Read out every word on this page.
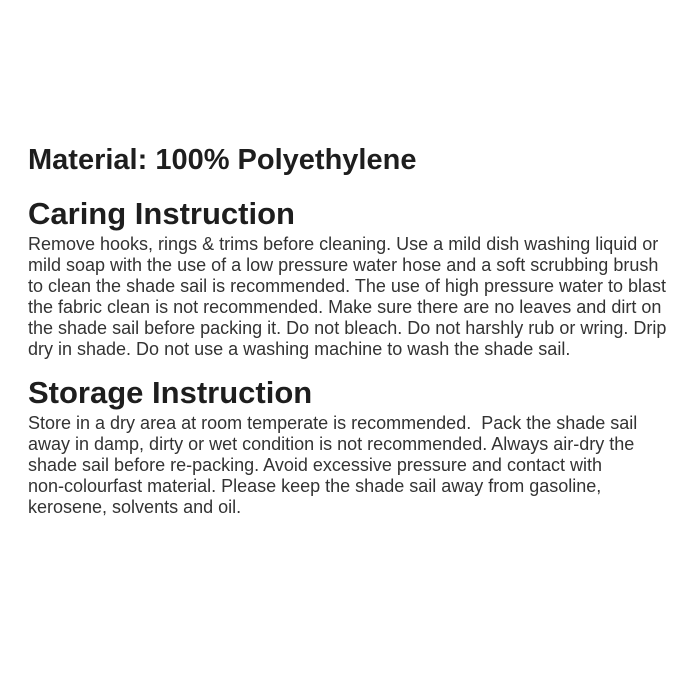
Material: 100% Polyethylene
Caring Instruction
Remove hooks, rings & trims before cleaning. Use a mild dish washing liquid or
mild soap with the use of a low pressure water hose and a soft scrubbing brush
to clean the shade sail is recommended. The use of high pressure water to blast
the fabric clean is not recommended. Make sure there are no leaves and dirt on
the shade sail before packing it. Do not bleach. Do not harshly rub or wring. Drip
dry in shade. Do not use a washing machine to wash the shade sail.
Storage Instruction
Store in a dry area at room temperate is recommended.  Pack the shade sail
away in damp, dirty or wet condition is not recommended. Always air-dry the
shade sail before re-packing. Avoid excessive pressure and contact with
non-colourfast material. Please keep the shade sail away from gasoline,
kerosene, solvents and oil.
